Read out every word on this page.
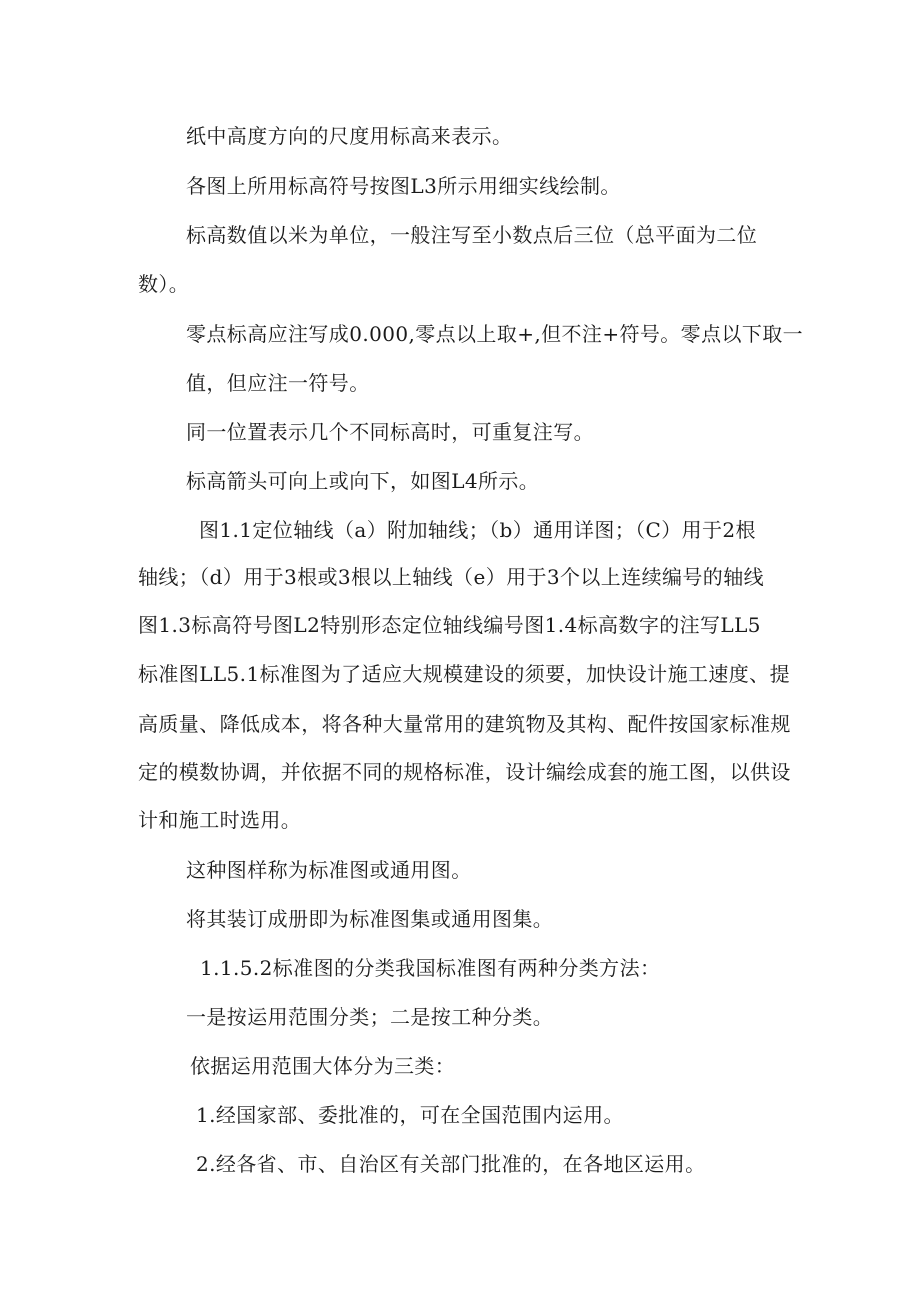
纸中高度方向的尺度用标高来表示。
各图上所用标高符号按图L3所示用细实线绘制。
标高数值以米为单位，一般注写至小数点后三位（总平面为二位
数）。
零点标高应注写成0.000,零点以上取+,但不注+符号。零点以下取一
值，但应注一符号。
同一位置表示几个不同标高时，可重复注写。
标高箭头可向上或向下，如图L4所示。
图1.1定位轴线（a）附加轴线；（b）通用详图；（C）用于2根
轴线；（d）用于3根或3根以上轴线（e）用于3个以上连续编号的轴线
图1.3标高符号图L2特别形态定位轴线编号图1.4标高数字的注写LL5
标准图LL5.1标准图为了适应大规模建设的须要，加快设计施工速度、提
高质量、降低成本，将各种大量常用的建筑物及其构、配件按国家标准规
定的模数协调，并依据不同的规格标准，设计编绘成套的施工图，以供设
计和施工时选用。
这种图样称为标准图或通用图。
将其装订成册即为标准图集或通用图集。
1.1.5.2标准图的分类我国标准图有两种分类方法：
一是按运用范围分类；二是按工种分类。
依据运用范围大体分为三类：
1.经国家部、委批准的，可在全国范围内运用。
2.经各省、市、自治区有关部门批准的，在各地区运用。
